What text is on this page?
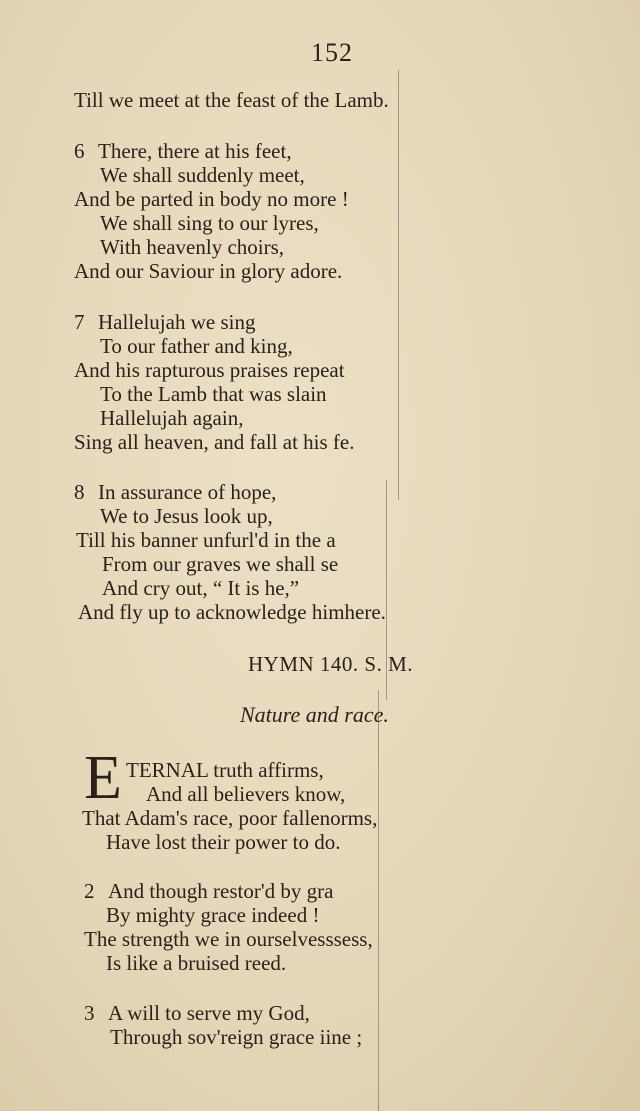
152
Till we meet at the feast of the Lamb.
6 There, there at his feet,
We shall suddenly meet,
And be parted in body no more !
We shall sing to our lyres,
With heavenly choirs,
And our Saviour in glory adore.
7 Hallelujah we sing
To our father and king,
And his rapturous praises repeat
To the Lamb that was slain
Hallelujah again,
Sing all heaven, and fall at his fe.
8 In assurance of hope,
We to Jesus look up,
Till his banner unfurl'd in the a
From our graves we shall se
And cry out, “ It is he,”
And fly up to acknowledge himhere.
HYMN 140. S. M.
Nature and race.
E TERNAL truth affirms,
And all believers know,
That Adam's race, poor fallenorms,
Have lost their power to do.
2 And though restor'd by gra
By mighty grace indeed !
The strength we in ourselvesssess,
Is like a bruised reed.
3 A will to serve my God,
Through sov'reign grace iine ;
